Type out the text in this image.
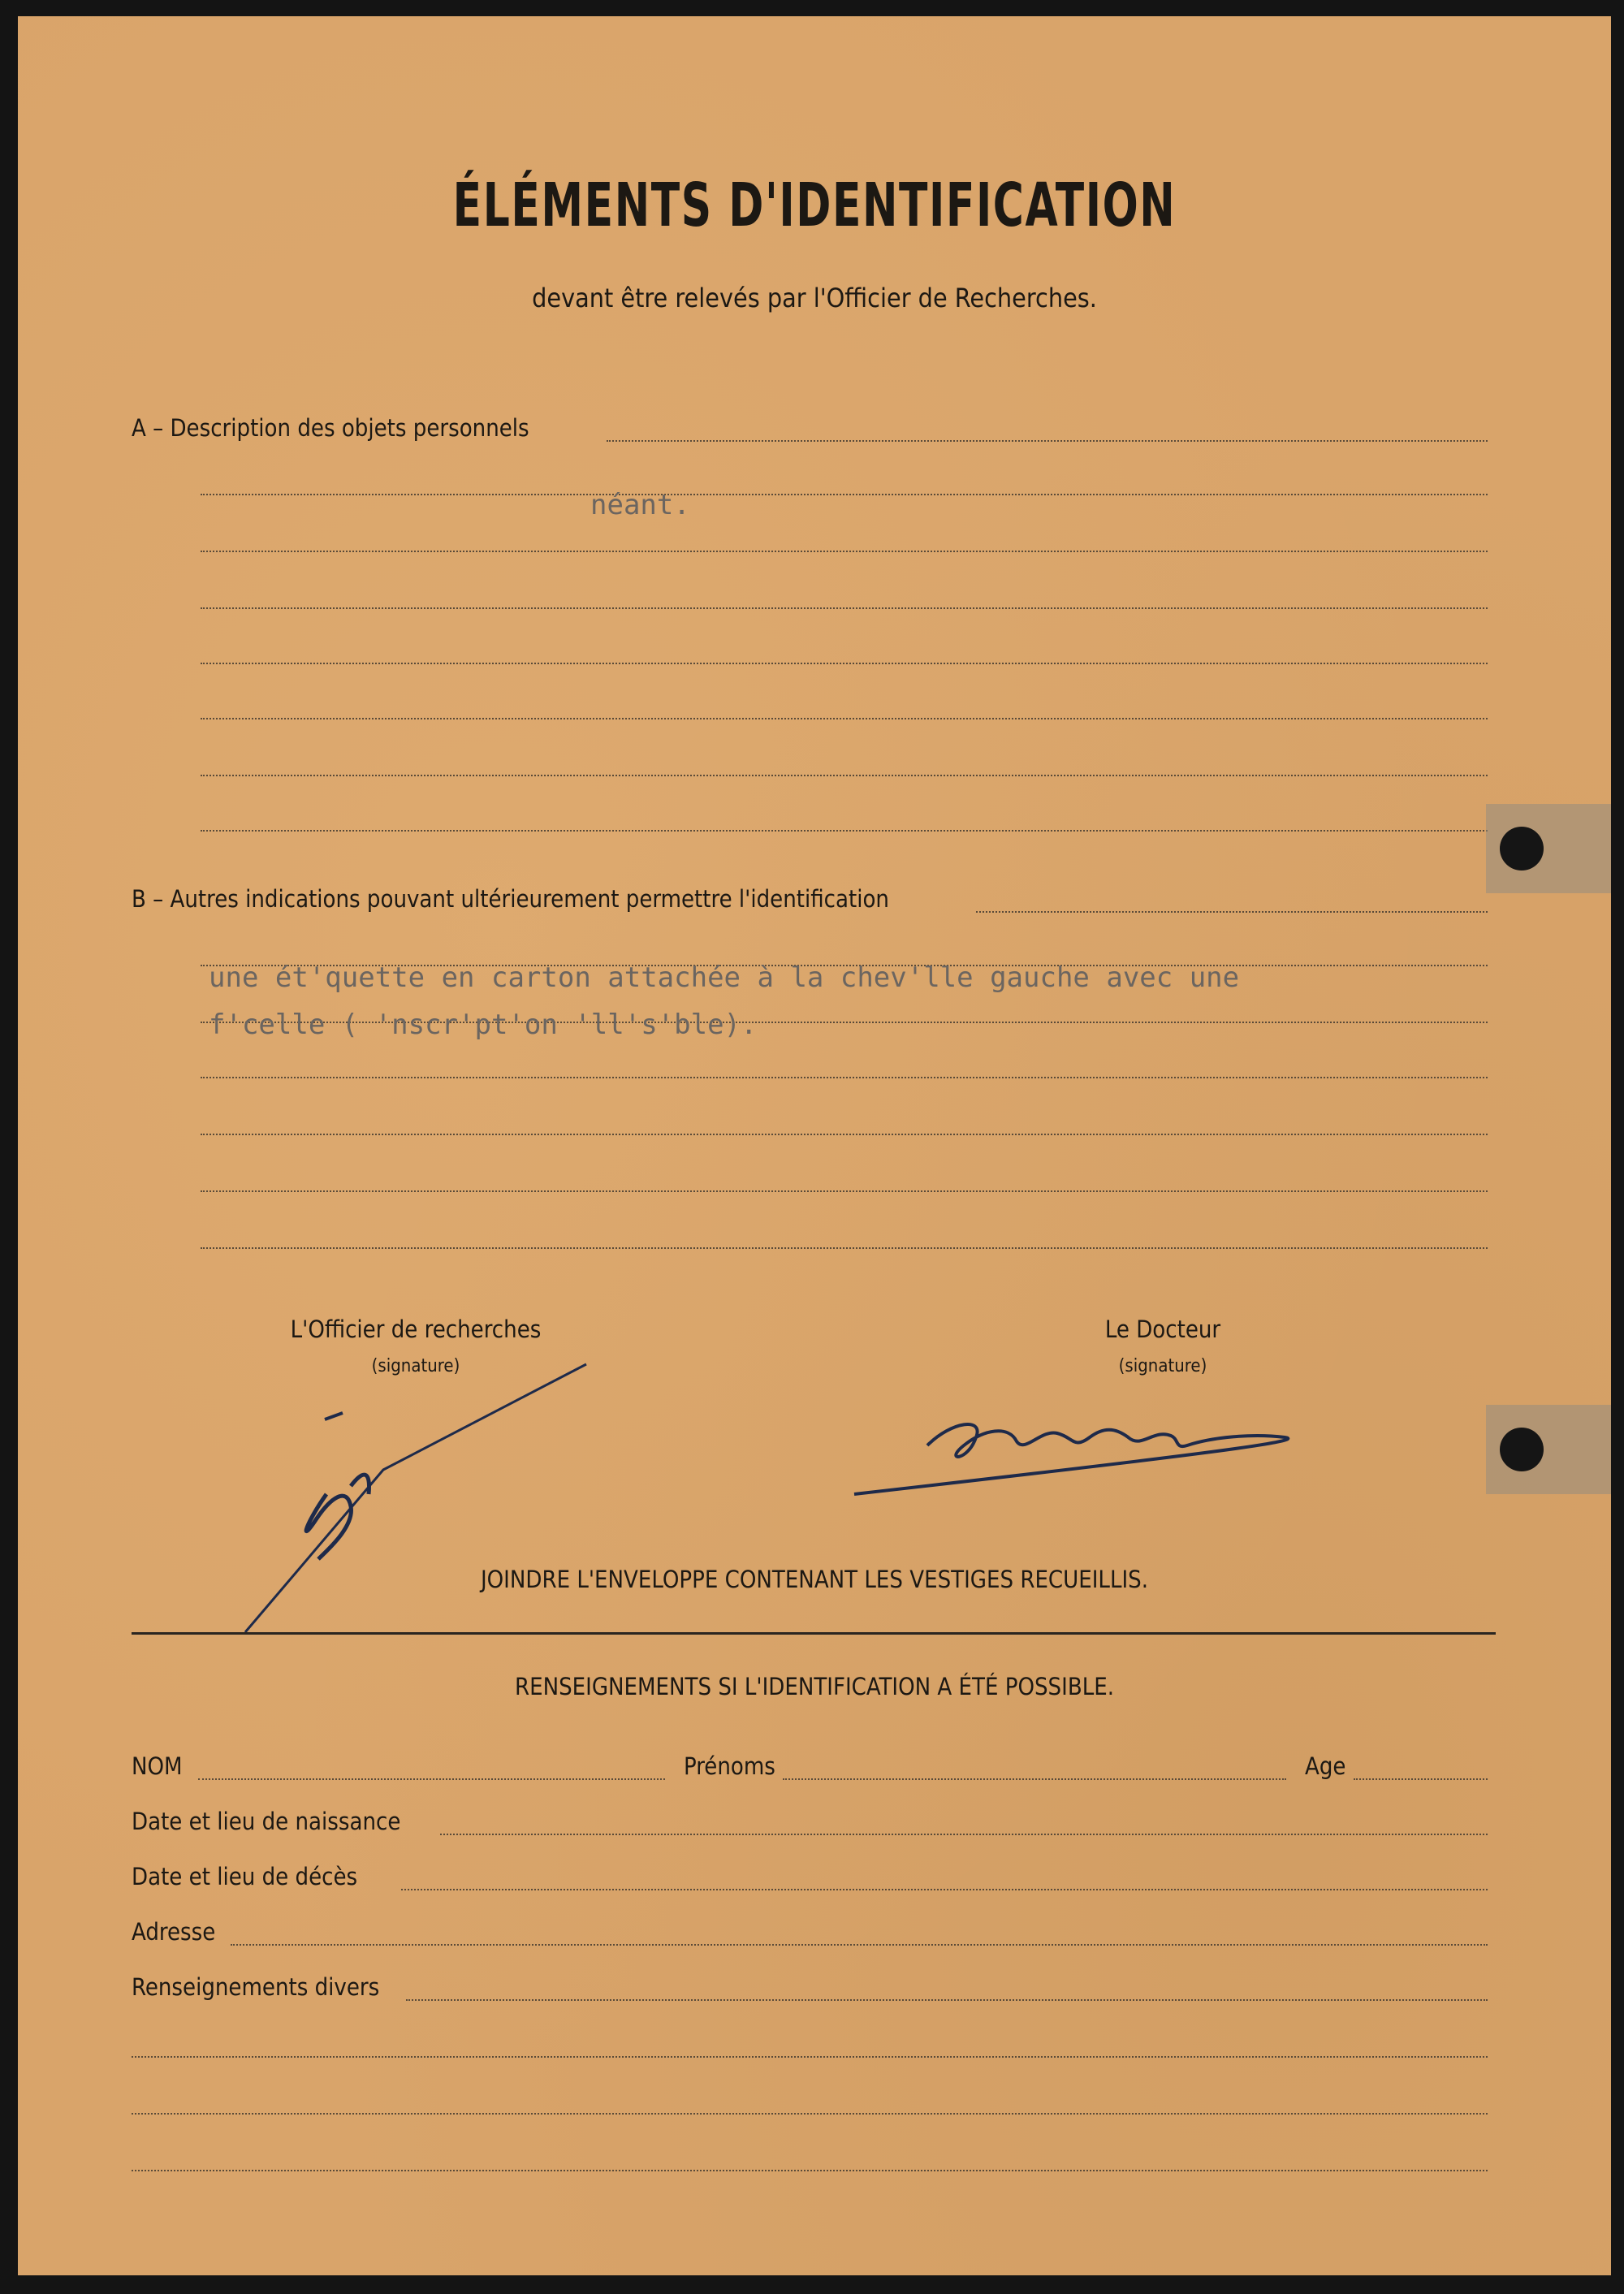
ÉLÉMENTS D'IDENTIFICATION
devant être relevés par l'Officier de Recherches.
A – Description des objets personnels
néant.
B – Autres indications pouvant ultérieurement permettre l'identification
une ét'quette en carton attachée à la chev'lle gauche avec une
f'celle ( 'nscr'pt'on 'll's'ble).
L'Officier de recherches
(signature)
Le Docteur
(signature)
JOINDRE L'ENVELOPPE CONTENANT LES VESTIGES RECUEILLIS.
RENSEIGNEMENTS SI L'IDENTIFICATION A ÉTÉ POSSIBLE.
NOM	Prénoms	Age
Date et lieu de naissance
Date et lieu de décès
Adresse
Renseignements divers
